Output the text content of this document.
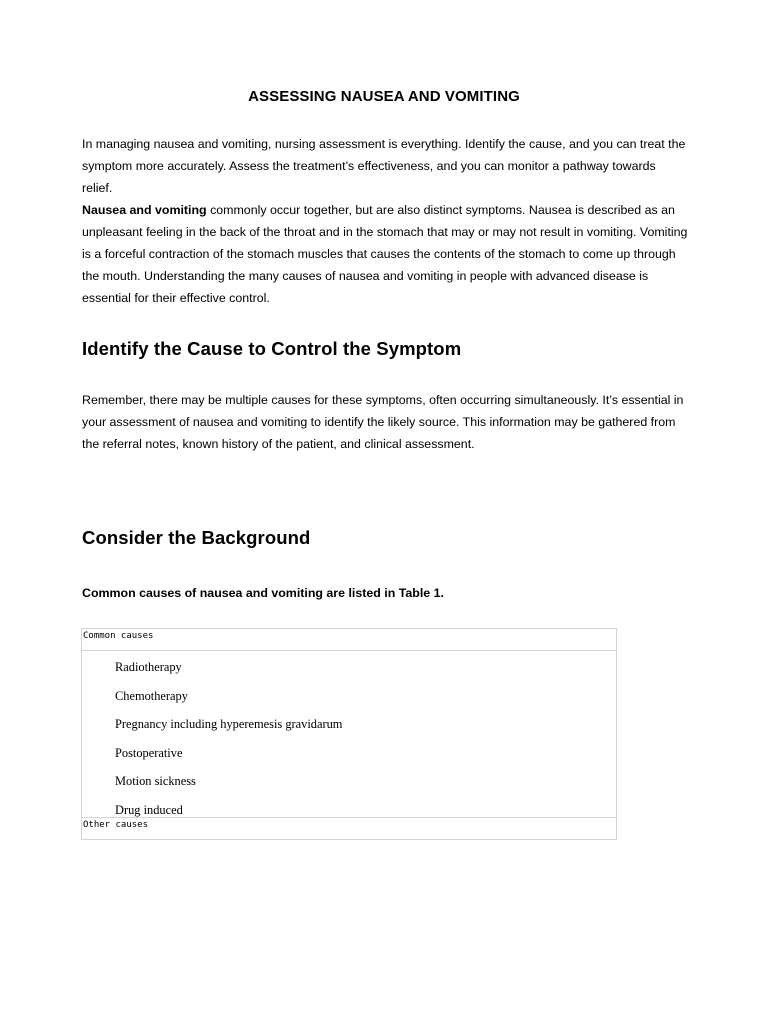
ASSESSING NAUSEA AND VOMITING

In managing nausea and vomiting, nursing assessment is everything. Identify the cause, and you can treat the symptom more accurately. Assess the treatment’s effectiveness, and you can monitor a pathway towards relief.

Nausea and vomiting commonly occur together, but are also distinct symptoms. Nausea is described as an unpleasant feeling in the back of the throat and in the stomach that may or may not result in vomiting. Vomiting is a forceful contraction of the stomach muscles that causes the contents of the stomach to come up through the mouth. Understanding the many causes of nausea and vomiting in people with advanced disease is essential for their effective control.

Identify the Cause to Control the Symptom

Remember, there may be multiple causes for these symptoms, often occurring simultaneously. It’s essential in your assessment of nausea and vomiting to identify the likely source. This information may be gathered from the referral notes, known history of the patient, and clinical assessment.

Consider the Background

Common causes of nausea and vomiting are listed in Table 1.

Common causes
Radiotherapy
Chemotherapy
Pregnancy including hyperemesis gravidarum
Postoperative
Motion sickness
Drug induced
Other causes
